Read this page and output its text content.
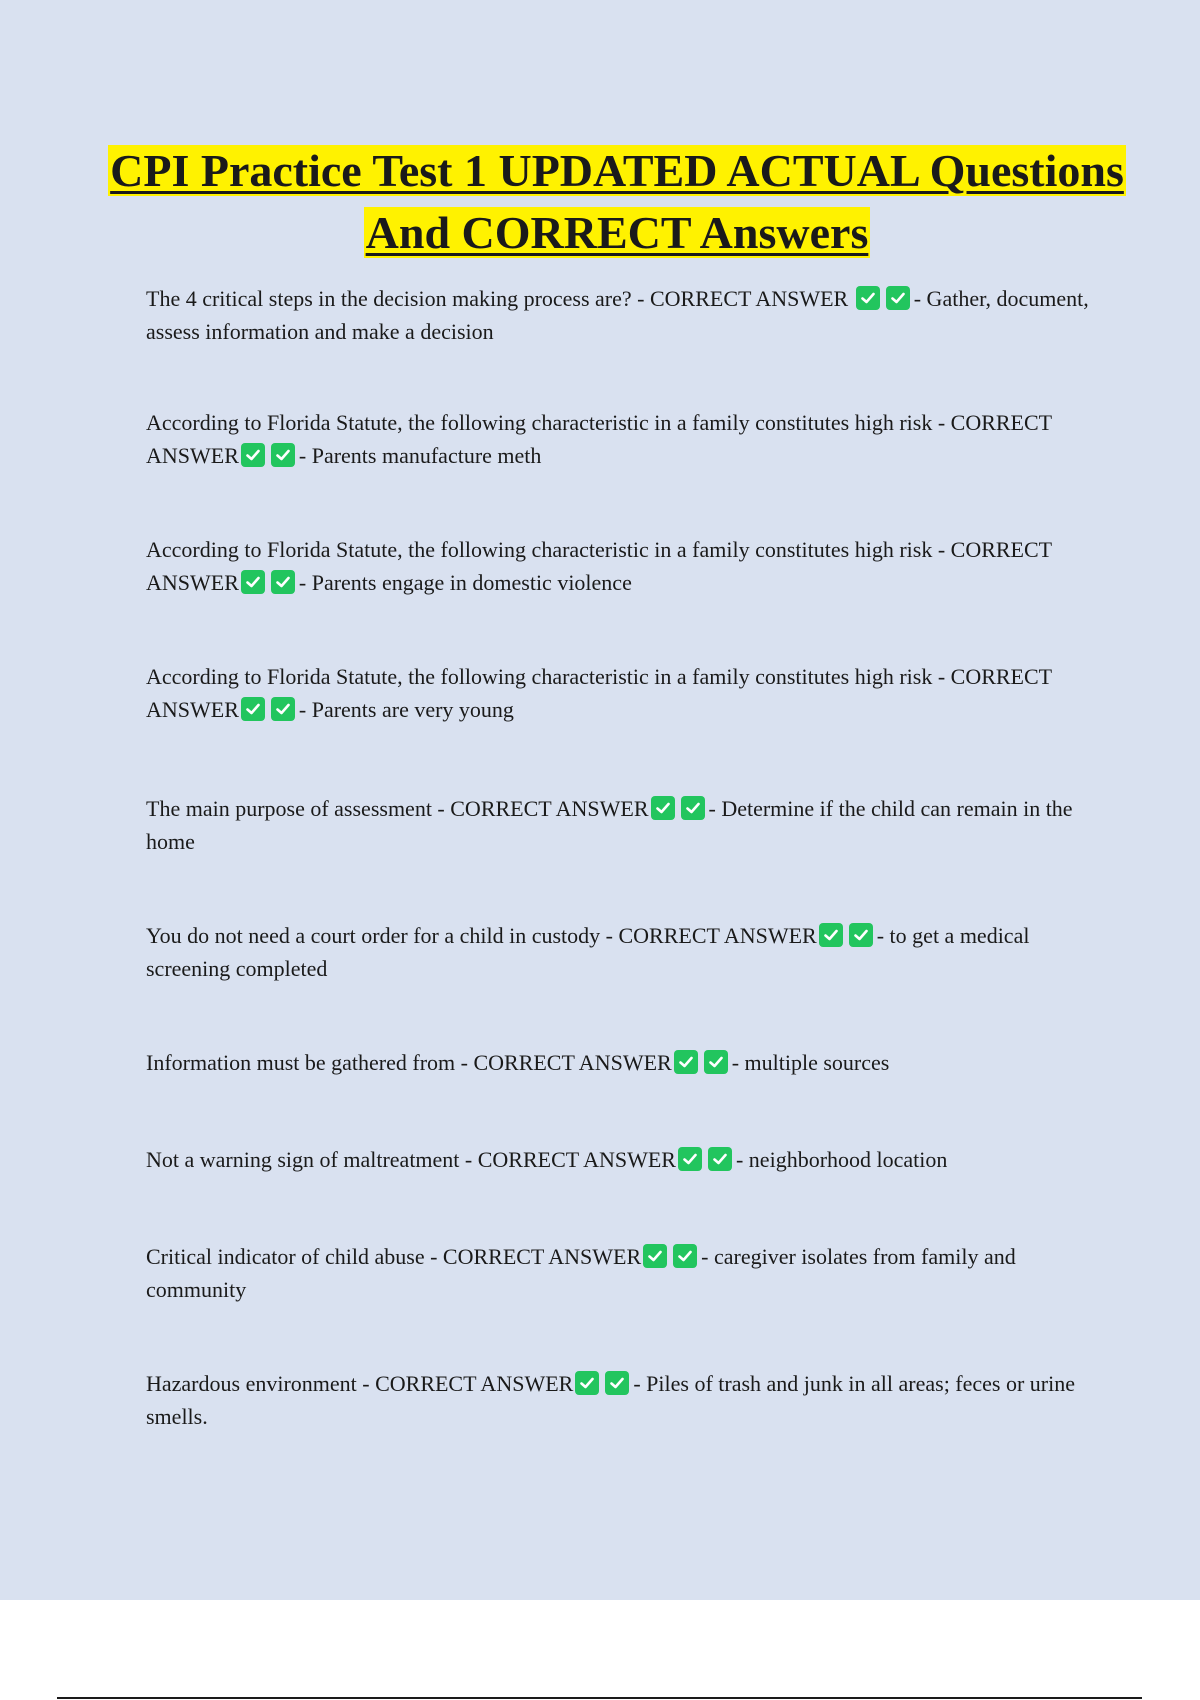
CPI Practice Test 1 UPDATED ACTUAL Questions And CORRECT Answers

The 4 critical steps in the decision making process are? - CORRECT ANSWER	- Gather, document, assess information and make a decision

According to Florida Statute, the following characteristic in a family constitutes high risk - CORRECT ANSWER	- Parents manufacture meth

According to Florida Statute, the following characteristic in a family constitutes high risk - CORRECT ANSWER	- Parents engage in domestic violence

According to Florida Statute, the following characteristic in a family constitutes high risk - CORRECT ANSWER	- Parents are very young

The main purpose of assessment - CORRECT ANSWER	- Determine if the child can remain in the home

You do not need a court order for a child in custody - CORRECT ANSWER	- to get a medical screening completed

Information must be gathered from - CORRECT ANSWER	- multiple sources

Not a warning sign of maltreatment - CORRECT ANSWER	- neighborhood location

Critical indicator of child abuse - CORRECT ANSWER	- caregiver isolates from family and community

Hazardous environment - CORRECT ANSWER	- Piles of trash and junk in all areas; feces or urine smells.
